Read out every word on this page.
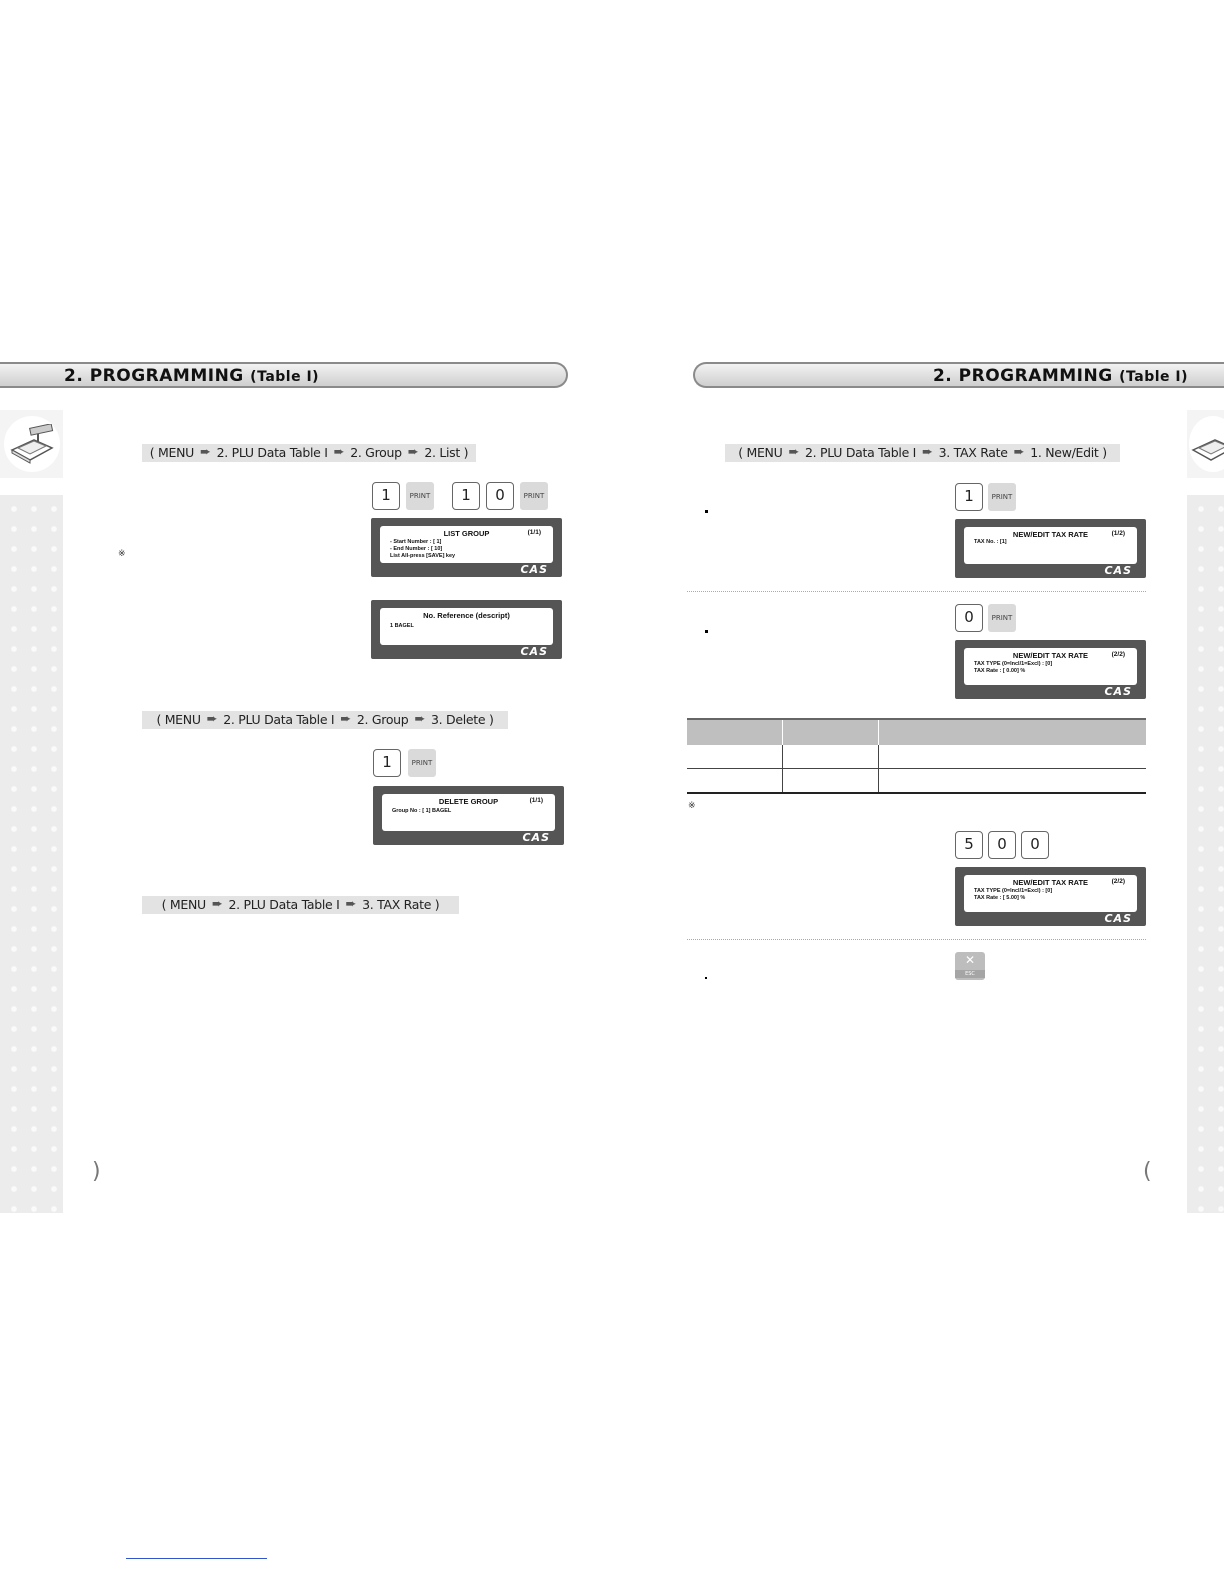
2. PROGRAMMING (Table I)	2. PROGRAMMING (Table I)
( MENU ➨ 2. PLU Data Table I ➨ 2. Group ➨ 2. List )
1	PRINT	1	0	PRINT
LIST GROUP	(1/1)
- Start Number : [ 1]
- End Number : [ 10]
List All-press [SAVE] key
CAS
※
No. Reference (descript)
1 BAGEL
CAS
( MENU ➨ 2. PLU Data Table I ➨ 2. Group ➨ 3. Delete )
1	PRINT
DELETE GROUP	(1/1)
Group No : [ 1] BAGEL
CAS
( MENU ➨ 2. PLU Data Table I ➨ 3. TAX Rate )
)
( MENU ➨ 2. PLU Data Table I ➨ 3. TAX Rate ➨ 1. New/Edit )
1	PRINT
NEW/EDIT TAX RATE	(1/2)
TAX No. : [1]
CAS
0	PRINT
NEW/EDIT TAX RATE	(2/2)
TAX TYPE (0=Incl/1=Excl) : [0]
TAX Rate : [ 0.00] %
CAS

※
5	0	0
NEW/EDIT TAX RATE	(2/2)
TAX TYPE (0=Incl/1=Excl) : [0]
TAX Rate : [ 5.00] %
CAS
✕
ESC
(
